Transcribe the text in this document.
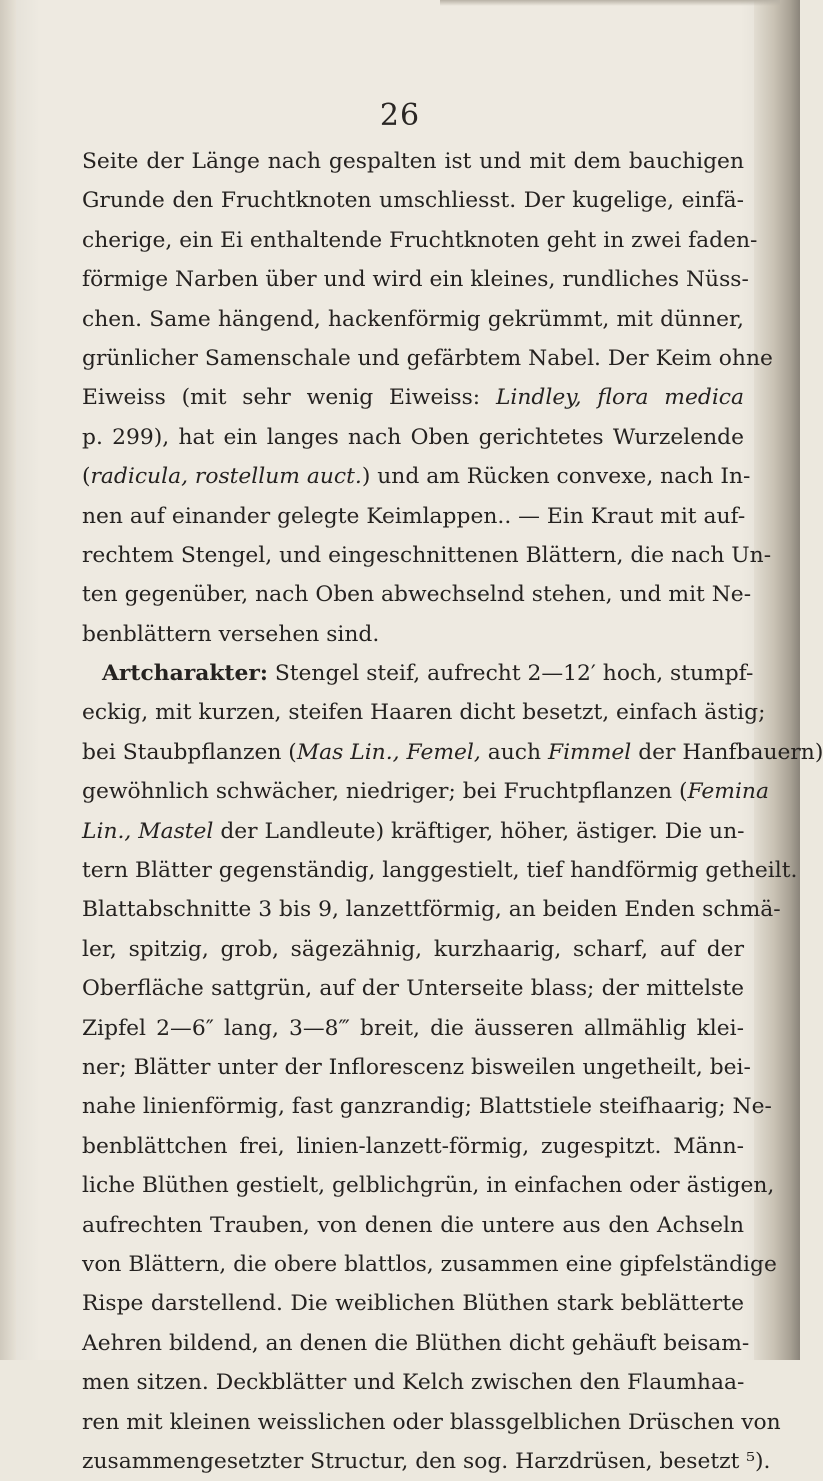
26
Seite der Länge nach gespalten ist und mit dem bauchigen
Grunde den Fruchtknoten umschliesst. Der kugelige, einfä-
cherige, ein Ei enthaltende Fruchtknoten geht in zwei faden-
förmige Narben über und wird ein kleines, rundliches Nüss-
chen. Same hängend, hackenförmig gekrümmt, mit dünner,
grünlicher Samenschale und gefärbtem Nabel. Der Keim ohne
Eiweiss (mit sehr wenig Eiweiss: Lindley, flora medica
p. 299), hat ein langes nach Oben gerichtetes Wurzelende
(radicula, rostellum auct.) und am Rücken convexe, nach In-
nen auf einander gelegte Keimlappen.. — Ein Kraut mit auf-
rechtem Stengel, und eingeschnittenen Blättern, die nach Un-
ten gegenüber, nach Oben abwechselnd stehen, und mit Ne-
benblättern versehen sind.
Artcharakter: Stengel steif, aufrecht 2—12′ hoch, stumpf-
eckig, mit kurzen, steifen Haaren dicht besetzt, einfach ästig;
bei Staubpflanzen (Mas Lin., Femel, auch Fimmel der Hanfbauern)
gewöhnlich schwächer, niedriger; bei Fruchtpflanzen (Femina
Lin., Mastel der Landleute) kräftiger, höher, ästiger. Die un-
tern Blätter gegenständig, langgestielt, tief handförmig getheilt.
Blattabschnitte 3 bis 9, lanzettförmig, an beiden Enden schmä-
ler, spitzig, grob, sägezähnig, kurzhaarig, scharf, auf der
Oberfläche sattgrün, auf der Unterseite blass; der mittelste
Zipfel 2—6″ lang, 3—8‴ breit, die äusseren allmählig klei-
ner; Blätter unter der Inflorescenz bisweilen ungetheilt, bei-
nahe linienförmig, fast ganzrandig; Blattstiele steifhaarig; Ne-
benblättchen frei, linien-lanzett-förmig, zugespitzt. Männ-
liche Blüthen gestielt, gelblichgrün, in einfachen oder ästigen,
aufrechten Trauben, von denen die untere aus den Achseln
von Blättern, die obere blattlos, zusammen eine gipfelständige
Rispe darstellend. Die weiblichen Blüthen stark beblätterte
Aehren bildend, an denen die Blüthen dicht gehäuft beisam-
men sitzen. Deckblätter und Kelch zwischen den Flaumhaa-
ren mit kleinen weisslichen oder blassgelblichen Drüschen von
zusammengesetzter Structur, den sog. Harzdrüsen, besetzt ⁵).
